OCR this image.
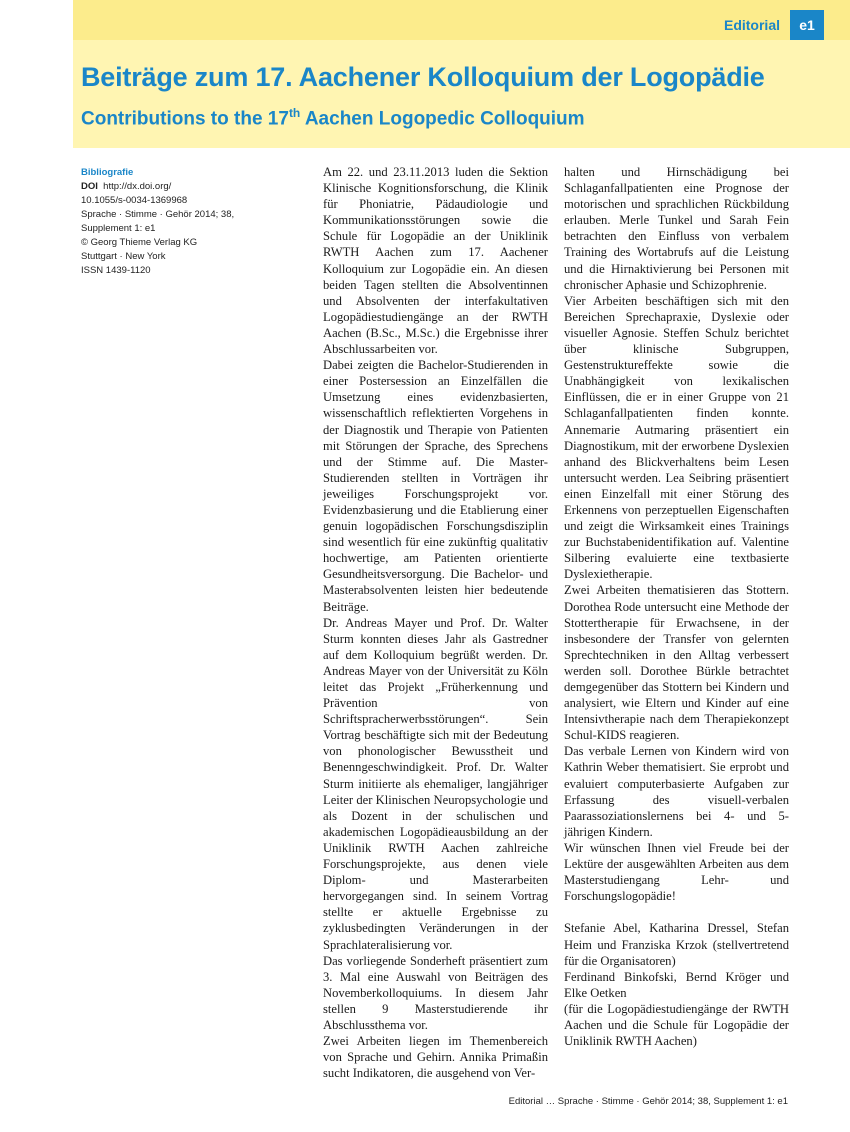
Editorial	e1
Beiträge zum 17. Aachener Kolloquium der Logopädie
Contributions to the 17th Aachen Logopedic Colloquium
Bibliografie
DOI http://dx.doi.org/
10.1055/s-0034-1369968
Sprache · Stimme · Gehör 2014; 38,
Supplement 1: e1
© Georg Thieme Verlag KG
Stuttgart · New York
ISSN 1439-1120

Am 22. und 23.11.2013 luden die Sektion Klinische Kognitionsforschung, die Klinik für Phoniatrie, Pädaudiologie und Kommunikationsstörungen sowie die Schule für Logopädie an der Uniklinik RWTH Aachen zum 17. Aachener Kolloquium zur Logopädie ein. An diesen beiden Tagen stellten die Absolventinnen und Absolventen der interfakultativen Logopädiestudiengänge an der RWTH Aachen (B.Sc., M.Sc.) die Ergebnisse ihrer Abschlussarbeiten vor.

Dabei zeigten die Bachelor-Studierenden in einer Postersession an Einzelfällen die Umsetzung eines evidenzbasierten, wissenschaftlich reflektierten Vorgehens in der Diagnostik und Therapie von Patienten mit Störungen der Sprache, des Sprechens und der Stimme auf. Die Master-Studierenden stellten in Vorträgen ihr jeweiliges Forschungsprojekt vor. Evidenzbasierung und die Etablierung einer genuin logopädischen Forschungsdisziplin sind wesentlich für eine zukünftig qualitativ hochwertige, am Patienten orientierte Gesundheitsversorgung. Die Bachelor- und Masterabsolventen leisten hier bedeutende Beiträge.

Dr. Andreas Mayer und Prof. Dr. Walter Sturm konnten dieses Jahr als Gastredner auf dem Kolloquium begrüßt werden. Dr. Andreas Mayer von der Universität zu Köln leitet das Projekt „Früherkennung und Prävention von Schriftspracherwerbsstörungen“. Sein Vortrag beschäftigte sich mit der Bedeutung von phonologischer Bewusstheit und Benenngeschwindigkeit. Prof. Dr. Walter Sturm initiierte als ehemaliger, langjähriger Leiter der Klinischen Neuropsychologie und als Dozent in der schulischen und akademischen Logopädieausbildung an der Uniklinik RWTH Aachen zahlreiche Forschungsprojekte, aus denen viele Diplom- und Masterarbeiten hervorgegangen sind. In seinem Vortrag stellte er aktuelle Ergebnisse zu zyklusbedingten Veränderungen in der Sprachlateralisierung vor.

Das vorliegende Sonderheft präsentiert zum 3. Mal eine Auswahl von Beiträgen des Novemberkolloquiums. In diesem Jahr stellen 9 Masterstudierende ihr Abschlussthema vor.

Zwei Arbeiten liegen im Themenbereich von Sprache und Gehirn. Annika Primaßin sucht Indikatoren, die ausgehend von Ver-

halten und Hirnschädigung bei Schlaganfallpatienten eine Prognose der motorischen und sprachlichen Rückbildung erlauben. Merle Tunkel und Sarah Fein betrachten den Einfluss von verbalem Training des Wortabrufs auf die Leistung und die Hirnaktivierung bei Personen mit chronischer Aphasie und Schizophrenie.

Vier Arbeiten beschäftigen sich mit den Bereichen Sprechapraxie, Dyslexie oder visueller Agnosie. Steffen Schulz berichtet über klinische Subgruppen, Gestenstruktureffekte sowie die Unabhängigkeit von lexikalischen Einflüssen, die er in einer Gruppe von 21 Schlaganfallpatienten finden konnte. Annemarie Autmaring präsentiert ein Diagnostikum, mit der erworbene Dyslexien anhand des Blickverhaltens beim Lesen untersucht werden. Lea Seibring präsentiert einen Einzelfall mit einer Störung des Erkennens von perzeptuellen Eigenschaften und zeigt die Wirksamkeit eines Trainings zur Buchstabenidentifikation auf. Valentine Silbering evaluierte eine textbasierte Dyslexietherapie.

Zwei Arbeiten thematisieren das Stottern. Dorothea Rode untersucht eine Methode der Stottertherapie für Erwachsene, in der insbesondere der Transfer von gelernten Sprechtechniken in den Alltag verbessert werden soll. Dorothee Bürkle betrachtet demgegenüber das Stottern bei Kindern und analysiert, wie Eltern und Kinder auf eine Intensivtherapie nach dem Therapiekonzept Schul-KIDS reagieren.

Das verbale Lernen von Kindern wird von Kathrin Weber thematisiert. Sie erprobt und evaluiert computerbasierte Aufgaben zur Erfassung des visuell-verbalen Paarassoziationslernens bei 4- und 5-jährigen Kindern.

Wir wünschen Ihnen viel Freude bei der Lektüre der ausgewählten Arbeiten aus dem Masterstudiengang Lehr- und Forschungslogopädie!

Stefanie Abel, Katharina Dressel, Stefan Heim und Franziska Krzok (stellvertretend für die Organisatoren)

Ferdinand Binkofski, Bernd Kröger und Elke Oetken

(für die Logopädiestudiengänge der RWTH Aachen und die Schule für Logopädie der Uniklinik RWTH Aachen)

Editorial … Sprache · Stimme · Gehör 2014; 38, Supplement 1: e1
